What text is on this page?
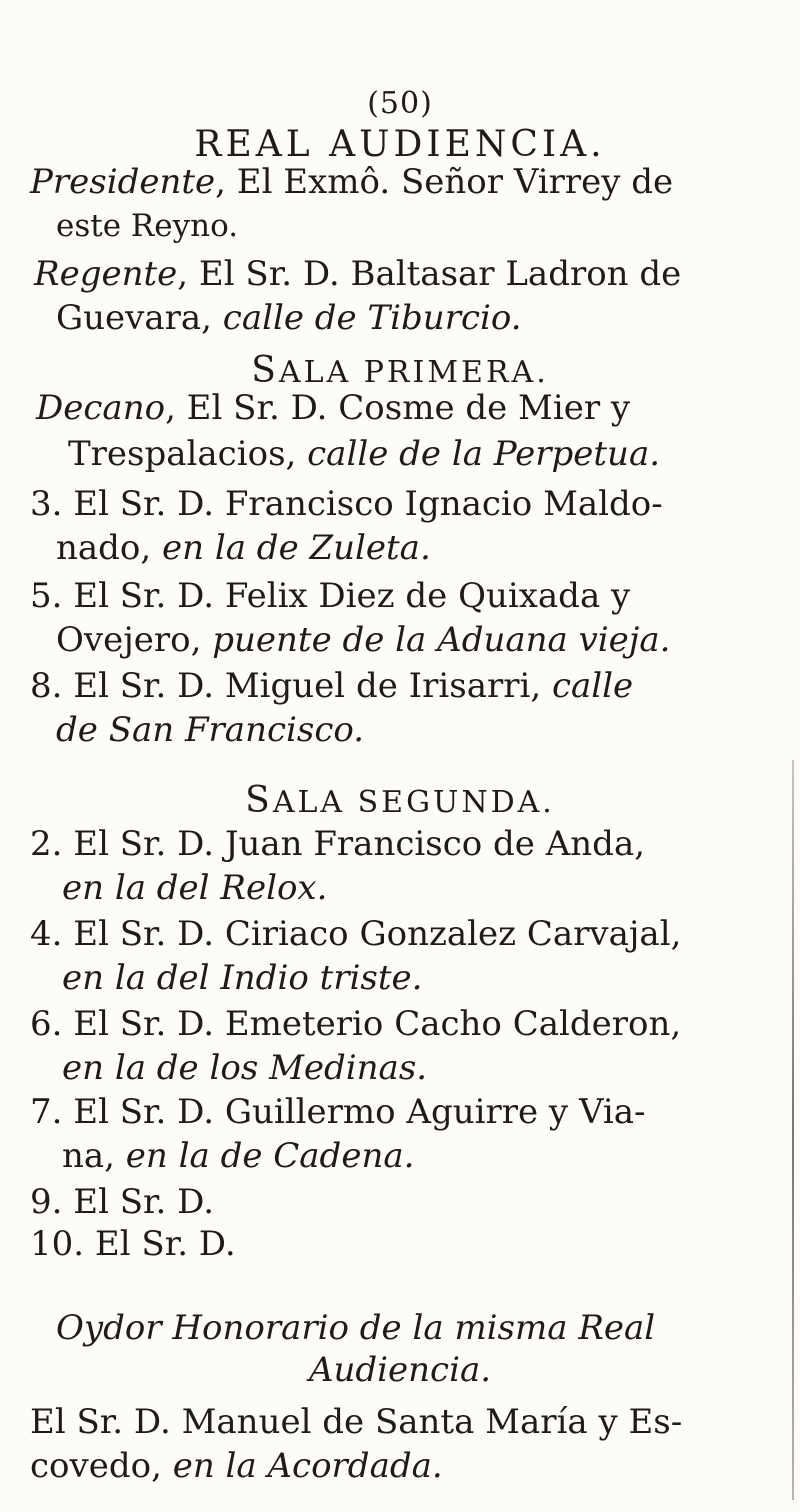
(50)
REAL AUDIENCIA.
Presidente, El Exmô. Señor Virrey de
este Reyno.
Regente, El Sr. D. Baltasar Ladron de
Guevara, calle de Tiburcio.
SALA PRIMERA.
Decano, El Sr. D. Cosme de Mier y
Trespalacios, calle de la Perpetua.
3. El Sr. D. Francisco Ignacio Maldo-
nado, en la de Zuleta.
5. El Sr. D. Felix Diez de Quixada y
Ovejero, puente de la Aduana vieja.
8. El Sr. D. Miguel de Irisarri, calle
de San Francisco.
SALA SEGUNDA.
2. El Sr. D. Juan Francisco de Anda,
en la del Relox.
4. El Sr. D. Ciriaco Gonzalez Carvajal,
en la del Indio triste.
6. El Sr. D. Emeterio Cacho Calderon,
en la de los Medinas.
7. El Sr. D. Guillermo Aguirre y Via-
na, en la de Cadena.
9. El Sr. D.
10. El Sr. D.
Oydor Honorario de la misma Real
Audiencia.
El Sr. D. Manuel de Santa María y Es-
covedo, en la Acordada.
